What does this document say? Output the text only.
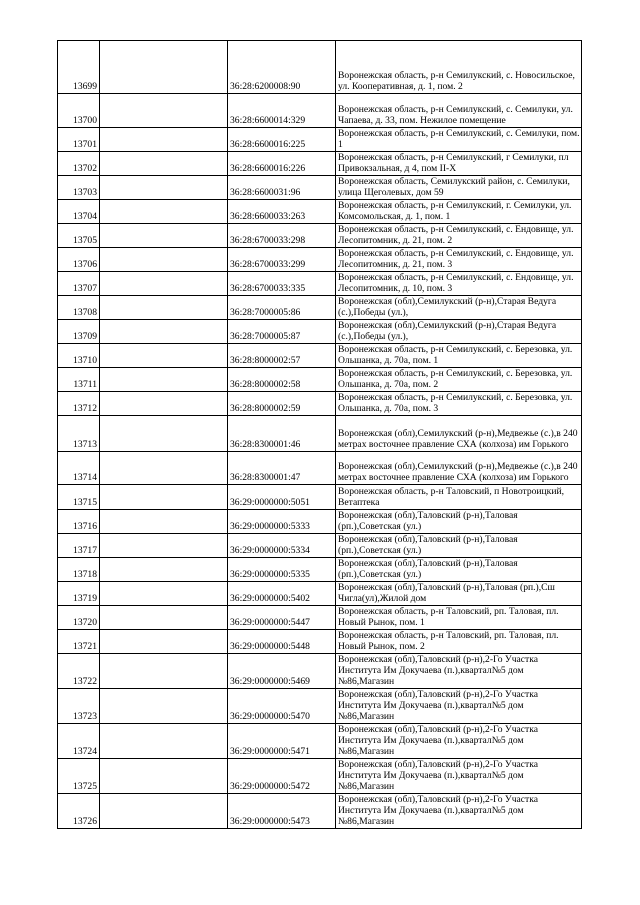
13699		36:28:6200008:90	Воронежская область, р-н Семилукский, с. Новосильское,
ул. Кооперативная, д. 1, пом. 2
13700		36:28:6600014:329	Воронежская область, р-н Семилукский, с. Семилуки, ул.
Чапаева, д. 33, пом. Нежилое помещение
13701		36:28:6600016:225	Воронежская область, р-н Семилукский, с. Семилуки, пом.
1
13702		36:28:6600016:226	Воронежская область, р-н Семилукский, г Семилуки, пл
Привокзальная, д 4, пом II-X
13703		36:28:6600031:96	Воронежская область, Семилукский район, с. Семилуки,
улица Щеголевых, дом 59
13704		36:28:6600033:263	Воронежская область, р-н Семилукский, г. Семилуки, ул.
Комсомольская, д. 1, пом. 1
13705		36:28:6700033:298	Воронежская область, р-н Семилукский, с. Ендовище, ул.
Лесопитомник, д. 21, пом. 2
13706		36:28:6700033:299	Воронежская область, р-н Семилукский, с. Ендовище, ул.
Лесопитомник, д. 21, пом. 3
13707		36:28:6700033:335	Воронежская область, р-н Семилукский, с. Ендовище, ул.
Лесопитомник, д. 10, пом. 3
13708		36:28:7000005:86	Воронежская (обл),Семилукский (р-н),Старая Ведуга
(с.),Победы (ул.),
13709		36:28:7000005:87	Воронежская (обл),Семилукский (р-н),Старая Ведуга
(с.),Победы (ул.),
13710		36:28:8000002:57	Воронежская область, р-н Семилукский, с. Березовка, ул.
Ольшанка, д. 70а, пом. 1
13711		36:28:8000002:58	Воронежская область, р-н Семилукский, с. Березовка, ул.
Ольшанка, д. 70а, пом. 2
13712		36:28:8000002:59	Воронежская область, р-н Семилукский, с. Березовка, ул.
Ольшанка, д. 70а, пом. 3
13713		36:28:8300001:46	Воронежская (обл),Семилукский (р-н),Медвежье (с.),в 240
метрах восточнее правление СХА (колхоза) им Горького
13714		36:28:8300001:47	Воронежская (обл),Семилукский (р-н),Медвежье (с.),в 240
метрах восточнее правление СХА (колхоза) им Горького
13715		36:29:0000000:5051	Воронежская область, р-н Таловский, п Новотроицкий,
Ветаптека
13716		36:29:0000000:5333	Воронежская (обл),Таловский (р-н),Таловая
(рп.),Советская (ул.)
13717		36:29:0000000:5334	Воронежская (обл),Таловский (р-н),Таловая
(рп.),Советская (ул.)
13718		36:29:0000000:5335	Воронежская (обл),Таловский (р-н),Таловая
(рп.),Советская (ул.)
13719		36:29:0000000:5402	Воронежская (обл),Таловский (р-н),Таловая (рп.),Сш
Чигла(ул),Жилой дом
13720		36:29:0000000:5447	Воронежская область, р-н Таловский, рп. Таловая, пл.
Новый Рынок, пом. 1
13721		36:29:0000000:5448	Воронежская область, р-н Таловский, рп. Таловая, пл.
Новый Рынок, пом. 2
13722		36:29:0000000:5469	Воронежская (обл),Таловский (р-н),2-Го Участка
Института Им Докучаева (п.),квартал№5 дом
№86,Магазин
13723		36:29:0000000:5470	Воронежская (обл),Таловский (р-н),2-Го Участка
Института Им Докучаева (п.),квартал№5 дом
№86,Магазин
13724		36:29:0000000:5471	Воронежская (обл),Таловский (р-н),2-Го Участка
Института Им Докучаева (п.),квартал№5 дом
№86,Магазин
13725		36:29:0000000:5472	Воронежская (обл),Таловский (р-н),2-Го Участка
Института Им Докучаева (п.),квартал№5 дом
№86,Магазин
13726		36:29:0000000:5473	Воронежская (обл),Таловский (р-н),2-Го Участка
Института Им Докучаева (п.),квартал№5 дом
№86,Магазин
